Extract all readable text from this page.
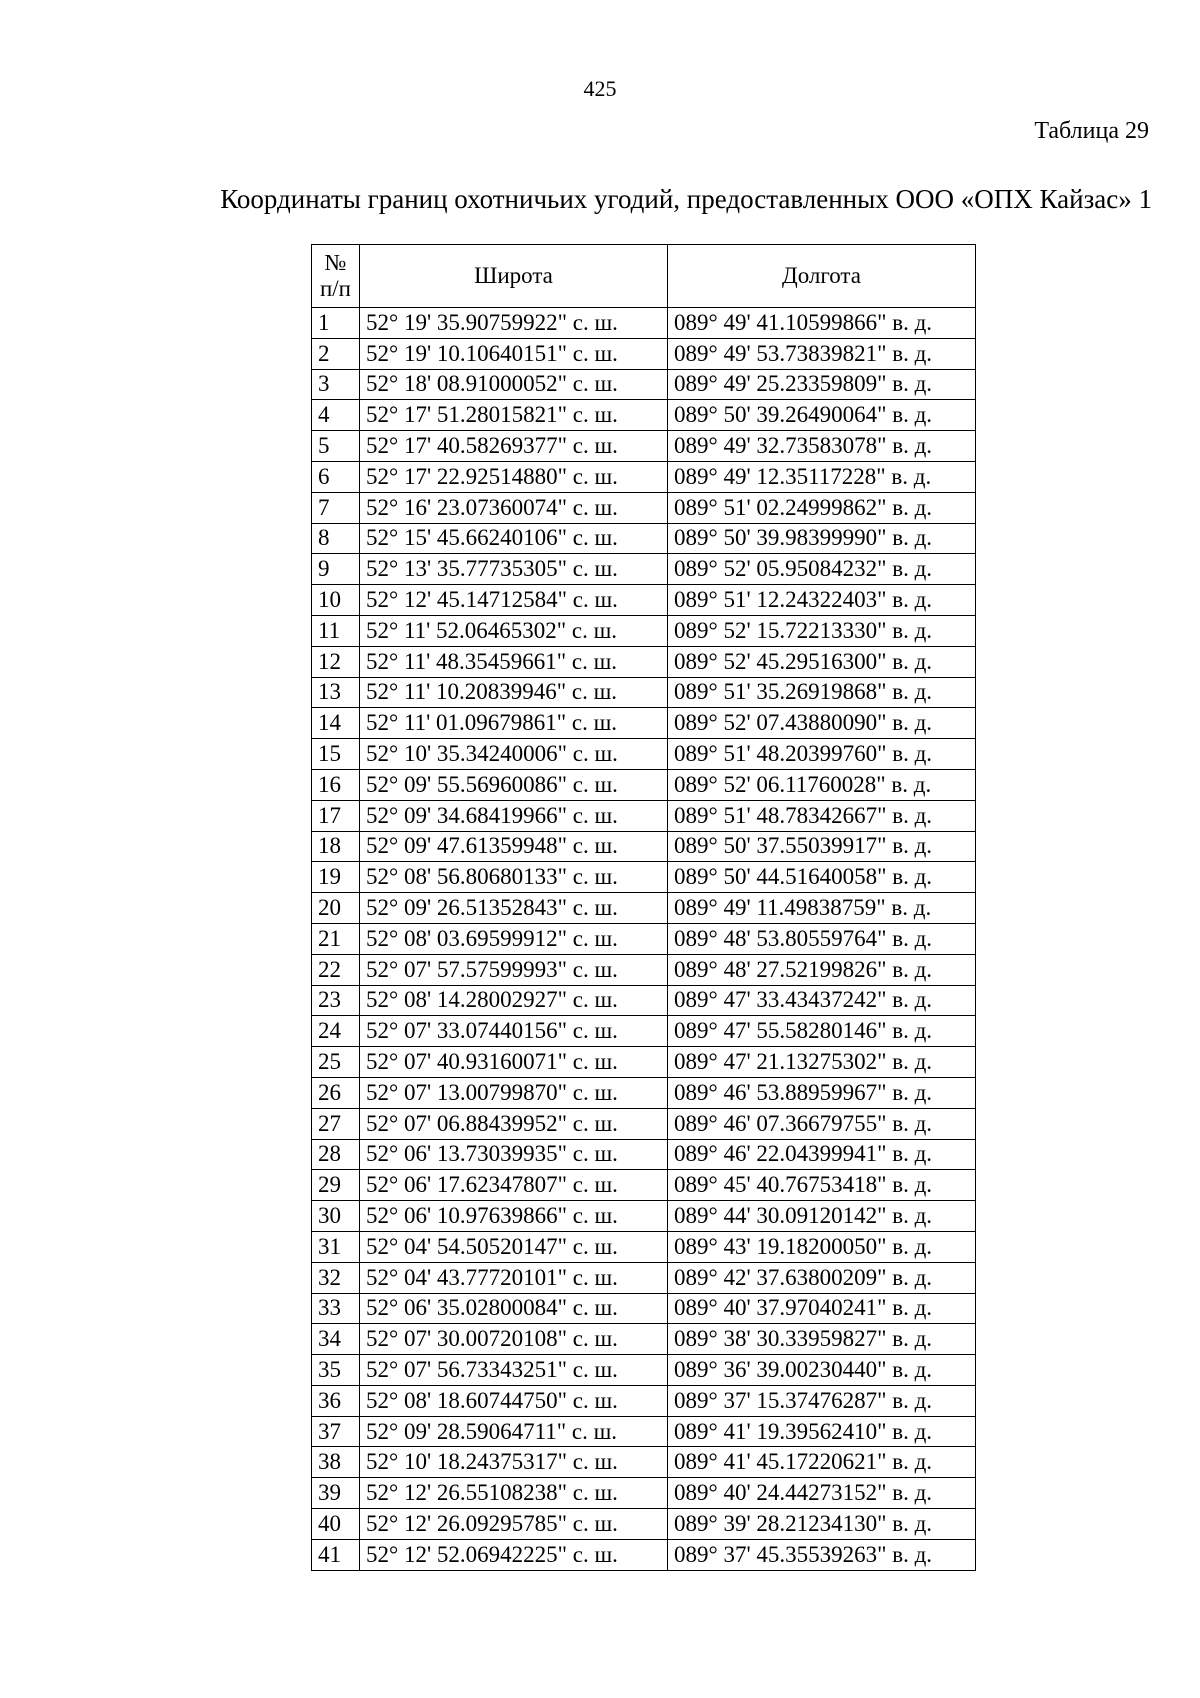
425
Таблица 29
Координаты границ охотничьих угодий, предоставленных ООО «ОПХ Кайзас» 1
№
п/п	Широта	Долгота
1	52° 19' 35.90759922" с. ш.	089° 49' 41.10599866" в. д.
2	52° 19' 10.10640151" с. ш.	089° 49' 53.73839821" в. д.
3	52° 18' 08.91000052" с. ш.	089° 49' 25.23359809" в. д.
4	52° 17' 51.28015821" с. ш.	089° 50' 39.26490064" в. д.
5	52° 17' 40.58269377" с. ш.	089° 49' 32.73583078" в. д.
6	52° 17' 22.92514880" с. ш.	089° 49' 12.35117228" в. д.
7	52° 16' 23.07360074" с. ш.	089° 51' 02.24999862" в. д.
8	52° 15' 45.66240106" с. ш.	089° 50' 39.98399990" в. д.
9	52° 13' 35.77735305" с. ш.	089° 52' 05.95084232" в. д.
10	52° 12' 45.14712584" с. ш.	089° 51' 12.24322403" в. д.
11	52° 11' 52.06465302" с. ш.	089° 52' 15.72213330" в. д.
12	52° 11' 48.35459661" с. ш.	089° 52' 45.29516300" в. д.
13	52° 11' 10.20839946" с. ш.	089° 51' 35.26919868" в. д.
14	52° 11' 01.09679861" с. ш.	089° 52' 07.43880090" в. д.
15	52° 10' 35.34240006" с. ш.	089° 51' 48.20399760" в. д.
16	52° 09' 55.56960086" с. ш.	089° 52' 06.11760028" в. д.
17	52° 09' 34.68419966" с. ш.	089° 51' 48.78342667" в. д.
18	52° 09' 47.61359948" с. ш.	089° 50' 37.55039917" в. д.
19	52° 08' 56.80680133" с. ш.	089° 50' 44.51640058" в. д.
20	52° 09' 26.51352843" с. ш.	089° 49' 11.49838759" в. д.
21	52° 08' 03.69599912" с. ш.	089° 48' 53.80559764" в. д.
22	52° 07' 57.57599993" с. ш.	089° 48' 27.52199826" в. д.
23	52° 08' 14.28002927" с. ш.	089° 47' 33.43437242" в. д.
24	52° 07' 33.07440156" с. ш.	089° 47' 55.58280146" в. д.
25	52° 07' 40.93160071" с. ш.	089° 47' 21.13275302" в. д.
26	52° 07' 13.00799870" с. ш.	089° 46' 53.88959967" в. д.
27	52° 07' 06.88439952" с. ш.	089° 46' 07.36679755" в. д.
28	52° 06' 13.73039935" с. ш.	089° 46' 22.04399941" в. д.
29	52° 06' 17.62347807" с. ш.	089° 45' 40.76753418" в. д.
30	52° 06' 10.97639866" с. ш.	089° 44' 30.09120142" в. д.
31	52° 04' 54.50520147" с. ш.	089° 43' 19.18200050" в. д.
32	52° 04' 43.77720101" с. ш.	089° 42' 37.63800209" в. д.
33	52° 06' 35.02800084" с. ш.	089° 40' 37.97040241" в. д.
34	52° 07' 30.00720108" с. ш.	089° 38' 30.33959827" в. д.
35	52° 07' 56.73343251" с. ш.	089° 36' 39.00230440" в. д.
36	52° 08' 18.60744750" с. ш.	089° 37' 15.37476287" в. д.
37	52° 09' 28.59064711" с. ш.	089° 41' 19.39562410" в. д.
38	52° 10' 18.24375317" с. ш.	089° 41' 45.17220621" в. д.
39	52° 12' 26.55108238" с. ш.	089° 40' 24.44273152" в. д.
40	52° 12' 26.09295785" с. ш.	089° 39' 28.21234130" в. д.
41	52° 12' 52.06942225" с. ш.	089° 37' 45.35539263" в. д.
